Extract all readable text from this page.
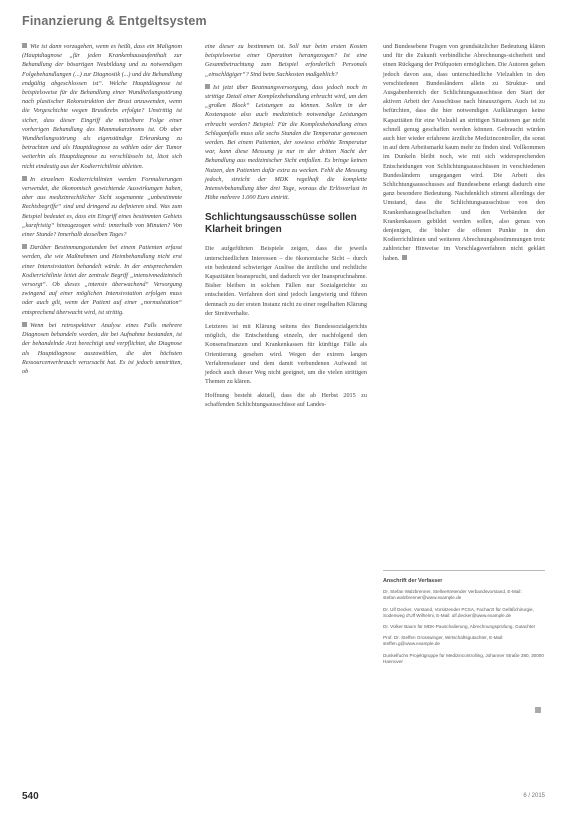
Finanzierung & Entgeltsystem

Wie ist dann vorzugehen, wenn es heißt, dass ein Malignom (Hauptdiagnose „für jeden Krankenhausaufenthalt zur Behandlung der bösartigen Neubildung und zu notwendigen Folgebehandlungen (...) zur Diagnostik (...) und die Behandlung endgültig abgeschlossen ist“. Welche Hauptdiagnose ist beispielsweise für die Behandlung einer Wundheilungsstörung nach plastischer Rekonstruktion der Brust anzuwenden, wenn die Vorgeschichte wegen Brustkrebs erfolgte? Unstrittig ist sicher, dass dieser Eingriff die mittelbare Folge einer vorherigen Behandlung des Mammakarzinoms ist. Ob aber Wundheilungsstörung als eigenständige Erkrankung zu betrachten und als Hauptdiagnose zu wählen oder der Tumor weiterhin als Hauptdiagnose zu verschlüsseln ist, lässt sich nicht eindeutig aus der Kodierrichtlinie ableiten.

In einzelnen Kodierrichtlinien werden Formulierungen verwendet, die ökonomisch gewichtende Auswirkungen haben, aber aus medizinrechtlicher Sicht sogenannte „unbestimmte Rechtsbegriffe“ sind und dringend zu definieren sind. Was zum Beispiel bedeutet es, dass ein Eingriff eines bestimmten Gebiets „kurzfristig“ hinzugezogen wird: innerhalb von Minuten? Von einer Stunde? Innerhalb desselben Tages?

Darüber Bestimmungsstunden bei einem Patienten erfasst werden, die wie Maßnahmen und Heimbehandlung nicht erst einer Intensivstation behandelt würde. In der entsprechenden Kodierrichtlinie leitet der zentrale Begriff „intensivmedizinisch versorgt“. Ob dieses „intensiv überwachend“ Versorgung zwingend auf einer möglichen Intensivstation erfolgen muss oder auch gilt, wenn der Patient auf einer „normalstation“ entsprechend überwacht wird, ist strittig.

Wenn bei retrospektiver Analyse eines Falls mehrere Diagnosen behandeln worden, die bei Aufnahme bestanden, ist der behandelnde Arzt berechtigt und verpflichtet, die Diagnose als Hauptdiagnose auszuwählen, die den höchsten Ressourcenverbrauch verursacht hat. Es ist jedoch umstritten, ob

eine dieser zu bestimmen ist. Soll nur beim ersten Kosten beispielsweise einer Operation herangezogen? Ist eine Gesamtbetrachtung zum Beispiel erforderlich Personals „einschlägiger“? Sind beim Sachkosten maßgeblich?

Ist jetzt über Beatmungsversorgung, dass jedoch noch in strittige Detail einer Komplexbehandlung erbracht wird, um den „großen Block“ Leistungen zu können. Sollen in der Kostenquote also auch medizinisch notwendige Leistungen erbracht werden? Beispiel: Für die Komplexbehandlung eines Schlaganfalls muss alle sechs Stunden die Temperatur gemessen werden. Bei einem Patienten, der sowieso erhöhte Temperatur war, kann diese Messung ja nur in der dritten Nacht der Behandlung aus medizinischer Sicht entfallen. Es bringe keinen Nutzen, den Patienten dafür extra zu wecken. Fehlt die Messung jedoch, streicht der MDK regelhaft die komplette Intensivbehandlung über drei Tage, woraus die Erlösverlust in Höhe mehrere 1.000 Euro eintritt.

Schlichtungsausschüsse sollen Klarheit bringen

Die aufgeführten Beispiele zeigen, dass die jeweils unterschiedlichen Interessen – die ökonomische Sicht – durch ein bedeutend schwieriger Auslöse die ärztliche und rechtliche Kapazitäten beansprucht, und dadurch vor der Inanspruchnahme. Bisher bleiben in solchen Fällen nur Sozialgerichte zu entscheiden. Verfahren dort sind jedoch langwierig und führen demnach zu der ersten Instanz nicht zu einer regelhaften Klärung der Streitverhalte.

Letzteres ist mit Klärung seitens des Bundessozialgerichts möglich, die Entscheidung einzeln, der nachfolgend den Konsensfinanzen und Krankenkassen für künftige Fälle als Orientierung gesehen wird. Wegen der extrem langen Verfahrensdauer und dem damit verbundenen Aufwand ist jedoch auch dieser Weg nicht geeignet, um die vielen strittigen Themen zu klären.

Hoffnung besteht aktuell, dass die ab Herbst 2015 zu schaffenden Schlichtungsausschüsse auf Landes-

und Bundesebene Fragen von grundsätzlicher Bedeutung klären und für die Zukunft verbindliche Abrechnungs-sicherheit und einen Rückgang der Prüfquoten ermöglichen. Die Autoren gehen jedoch davon aus, dass unterschiedliche Vielzahlen in den verschiedenen Bundesländern allein zu Struktur- und Ausgabenbereich der Schlichtungsausschüsse den Start der aktiven Arbeit der Ausschüsse nach hinauszögern. Auch ist zu befürchten, dass die hier notwendigen Aufklärungen keine Kapazitäten für eine Vielzahl an strittigen Situationen gar nicht schnell genug geschaffen werden können. Gebraucht würden auch hier wieder erfahrene ärztliche Medizincontroller, die sonst in auf dem Arbeitsmarkt kaum mehr zu finden sind. Vollkommen im Dunkeln bleibt noch, wie mit sich widersprechenden Entscheidungen von Schlichtungsausschüssen in verschiedenen Bundesländern umgegangen wird. Die Arbeit des Schlichtungsausschusses auf Bundesebene erlangt dadurch eine ganz besondere Bedeutung. Nachdenklich stimmt allerdings der Umstand, dass die Schlichtungsausschüsse von den Krankenhausgesellschaften und den Verbänden der Krankenkassen gebildet werden sollen, also genau von denjenigen, die bisher die offenen Punkte in den Kodierrichtlinien und weiteren Abrechnungsbestimmungen trotz zahlreicher Hinweise im Vorschlagsverfahren nicht geklärt haben.

Anschrift der Verfasser
Dr. Stefan Walzbrenner, Stellvertretender Verbandsvorstand, E-Mail: stefan.walzbrenner@www.example.de
Dr. Ulf Decker, Vorstand, Vorsitzender PCSA, Facharzt für Gefäßchirurgie, Sodenweg d'Ulf Wilhelmi, E-Mail: ulf.decker@www.example.de
Dr. Volker Baum für MDK-Pauschalierung, Abrechnungsprüfung, Gutachter
Prof. Dr. Steffen Grosswinger, Wirtschaftsgutachter, E-Mail: steffen.g@www.example.de
Dunkelfuchs Projektgruppe für Medizincontrolling, Johanner Straße 380, 30000 Hannover
540	6 / 2015
